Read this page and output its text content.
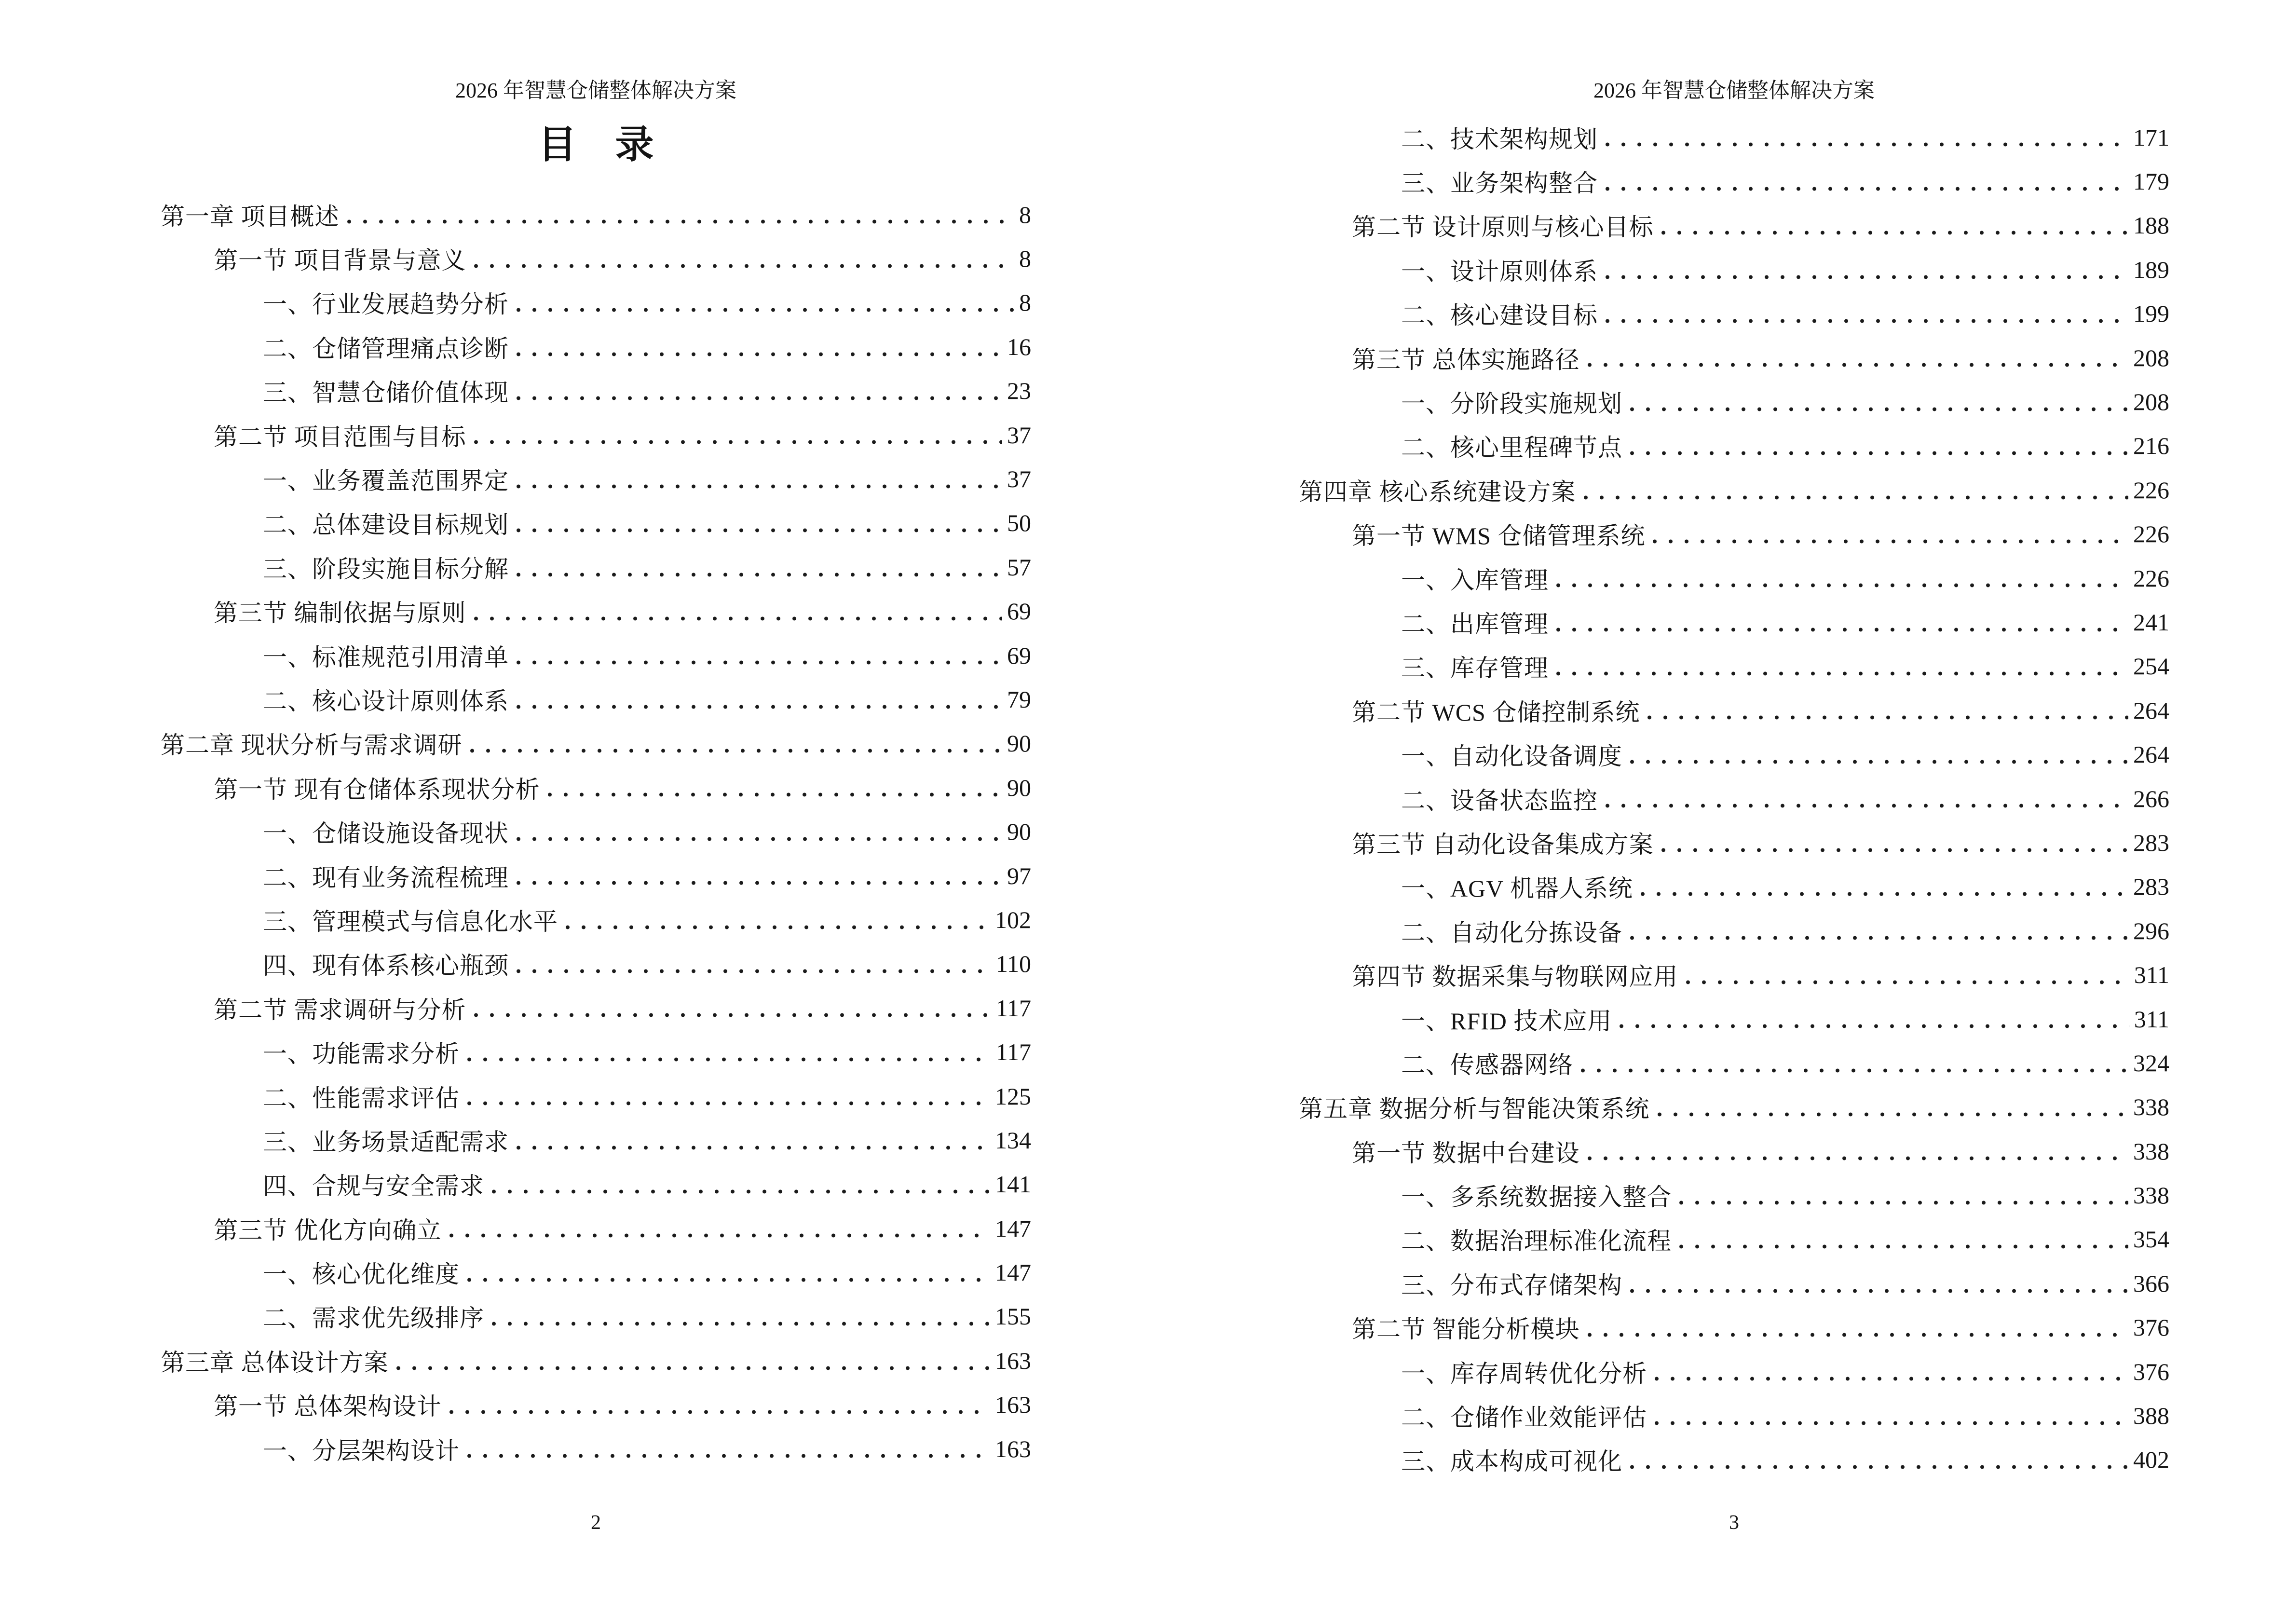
2026 年智慧仓储整体解决方案
目　录
第一章 项目概述	8
第一节 项目背景与意义	8
一、行业发展趋势分析	8
二、仓储管理痛点诊断	16
三、智慧仓储价值体现	23
第二节 项目范围与目标	37
一、业务覆盖范围界定	37
二、总体建设目标规划	50
三、阶段实施目标分解	57
第三节 编制依据与原则	69
一、标准规范引用清单	69
二、核心设计原则体系	79
第二章 现状分析与需求调研	90
第一节 现有仓储体系现状分析	90
一、仓储设施设备现状	90
二、现有业务流程梳理	97
三、管理模式与信息化水平	102
四、现有体系核心瓶颈	110
第二节 需求调研与分析	117
一、功能需求分析	117
二、性能需求评估	125
三、业务场景适配需求	134
四、合规与安全需求	141
第三节 优化方向确立	147
一、核心优化维度	147
二、需求优先级排序	155
第三章 总体设计方案	163
第一节 总体架构设计	163
一、分层架构设计	163
2
2026 年智慧仓储整体解决方案
二、技术架构规划	171
三、业务架构整合	179
第二节 设计原则与核心目标	188
一、设计原则体系	189
二、核心建设目标	199
第三节 总体实施路径	208
一、分阶段实施规划	208
二、核心里程碑节点	216
第四章 核心系统建设方案	226
第一节 WMS 仓储管理系统	226
一、入库管理	226
二、出库管理	241
三、库存管理	254
第二节 WCS 仓储控制系统	264
一、自动化设备调度	264
二、设备状态监控	266
第三节 自动化设备集成方案	283
一、AGV 机器人系统	283
二、自动化分拣设备	296
第四节 数据采集与物联网应用	311
一、RFID 技术应用	311
二、传感器网络	324
第五章 数据分析与智能决策系统	338
第一节 数据中台建设	338
一、多系统数据接入整合	338
二、数据治理标准化流程	354
三、分布式存储架构	366
第二节 智能分析模块	376
一、库存周转优化分析	376
二、仓储作业效能评估	388
三、成本构成可视化	402
3
